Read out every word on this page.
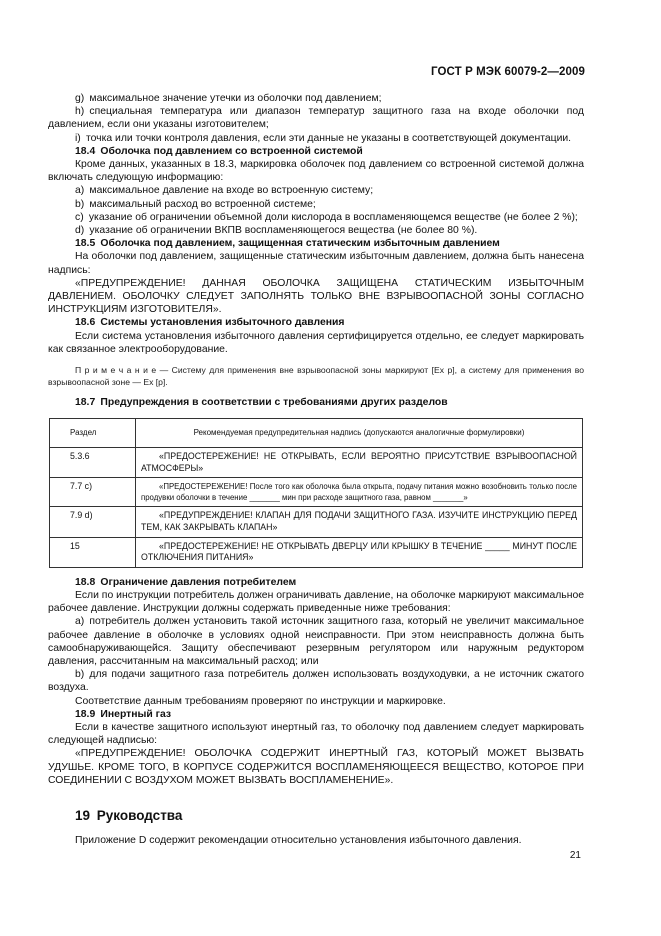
ГОСТ Р МЭК 60079-2—2009

g) максимальное значение утечки из оболочки под давлением;

h) специальная температура или диапазон температур защитного газа на входе оболочки под давлением, если они указаны изготовителем;

i) точка или точки контроля давления, если эти данные не указаны в соответствующей документации.

18.4 Оболочка под давлением со встроенной системой

Кроме данных, указанных в 18.3, маркировка оболочек под давлением со встроенной системой должна включать следующую информацию:

a) максимальное давление на входе во встроенную систему;

b) максимальный расход во встроенной системе;

c) указание об ограничении объемной доли кислорода в воспламеняющемся веществе (не более 2 %);

d) указание об ограничении ВКПВ воспламеняющегося вещества (не более 80 %).

18.5 Оболочка под давлением, защищенная статическим избыточным давлением

На оболочки под давлением, защищенные статическим избыточным давлением, должна быть нанесена надпись:

«ПРЕДУПРЕЖДЕНИЕ! ДАННАЯ ОБОЛОЧКА ЗАЩИЩЕНА СТАТИЧЕСКИМ ИЗБЫТОЧНЫМ ДАВЛЕНИЕМ. ОБОЛОЧКУ СЛЕДУЕТ ЗАПОЛНЯТЬ ТОЛЬКО ВНЕ ВЗРЫВООПАСНОЙ ЗОНЫ СОГЛАСНО ИНСТРУКЦИЯМ ИЗГОТОВИТЕЛЯ».

18.6 Системы установления избыточного давления

Если система установления избыточного давления сертифицируется отдельно, ее следует маркировать как связанное электрооборудование.

П р и м е ч а н и е — Систему для применения вне взрывоопасной зоны маркируют [Ex p], а систему для применения во взрывоопасной зоне — Ex [p].

18.7 Предупреждения в соответствии с требованиями других разделов

Раздел	Рекомендуемая предупредительная надпись (допускаются аналогичные формулировки)
5.3.6	«ПРЕДОСТЕРЕЖЕНИЕ! НЕ ОТКРЫВАТЬ, ЕСЛИ ВЕРОЯТНО ПРИСУТСТВИЕ ВЗРЫВООПАСНОЙ АТМОСФЕРЫ»
7.7 c)	«ПРЕДОСТЕРЕЖЕНИЕ! После того как оболочка была открыта, подачу питания можно возобновить только после продувки оболочки в течение _______ мин при расходе защитного газа, равном _______»
7.9 d)	«ПРЕДУПРЕЖДЕНИЕ! КЛАПАН ДЛЯ ПОДАЧИ ЗАЩИТНОГО ГАЗА. ИЗУЧИТЕ ИНСТРУКЦИЮ ПЕРЕД ТЕМ, КАК ЗАКРЫВАТЬ КЛАПАН»
15	«ПРЕДОСТЕРЕЖЕНИЕ! НЕ ОТКРЫВАТЬ ДВЕРЦУ ИЛИ КРЫШКУ В ТЕЧЕНИЕ _____ МИНУТ ПОСЛЕ ОТКЛЮЧЕНИЯ ПИТАНИЯ»

18.8 Ограничение давления потребителем

Если по инструкции потребитель должен ограничивать давление, на оболочке маркируют максимальное рабочее давление. Инструкции должны содержать приведенные ниже требования:

a) потребитель должен установить такой источник защитного газа, который не увеличит максимальное рабочее давление в оболочке в условиях одной неисправности. При этом неисправность должна быть самообнаруживающейся. Защиту обеспечивают резервным регулятором или наружным редуктором давления, рассчитанным на максимальный расход; или

b) для подачи защитного газа потребитель должен использовать воздуходувки, а не источник сжатого воздуха.

Соответствие данным требованиям проверяют по инструкции и маркировке.

18.9 Инертный газ

Если в качестве защитного используют инертный газ, то оболочку под давлением следует маркировать следующей надписью:

«ПРЕДУПРЕЖДЕНИЕ! ОБОЛОЧКА СОДЕРЖИТ ИНЕРТНЫЙ ГАЗ, КОТОРЫЙ МОЖЕТ ВЫЗВАТЬ УДУШЬЕ. КРОМЕ ТОГО, В КОРПУСЕ СОДЕРЖИТСЯ ВОСПЛАМЕНЯЮЩЕЕСЯ ВЕЩЕСТВО, КОТОРОЕ ПРИ СОЕДИНЕНИИ С ВОЗДУХОМ МОЖЕТ ВЫЗВАТЬ ВОСПЛАМЕНЕНИЕ».

19 Руководства

Приложение D содержит рекомендации относительно установления избыточного давления.

21
